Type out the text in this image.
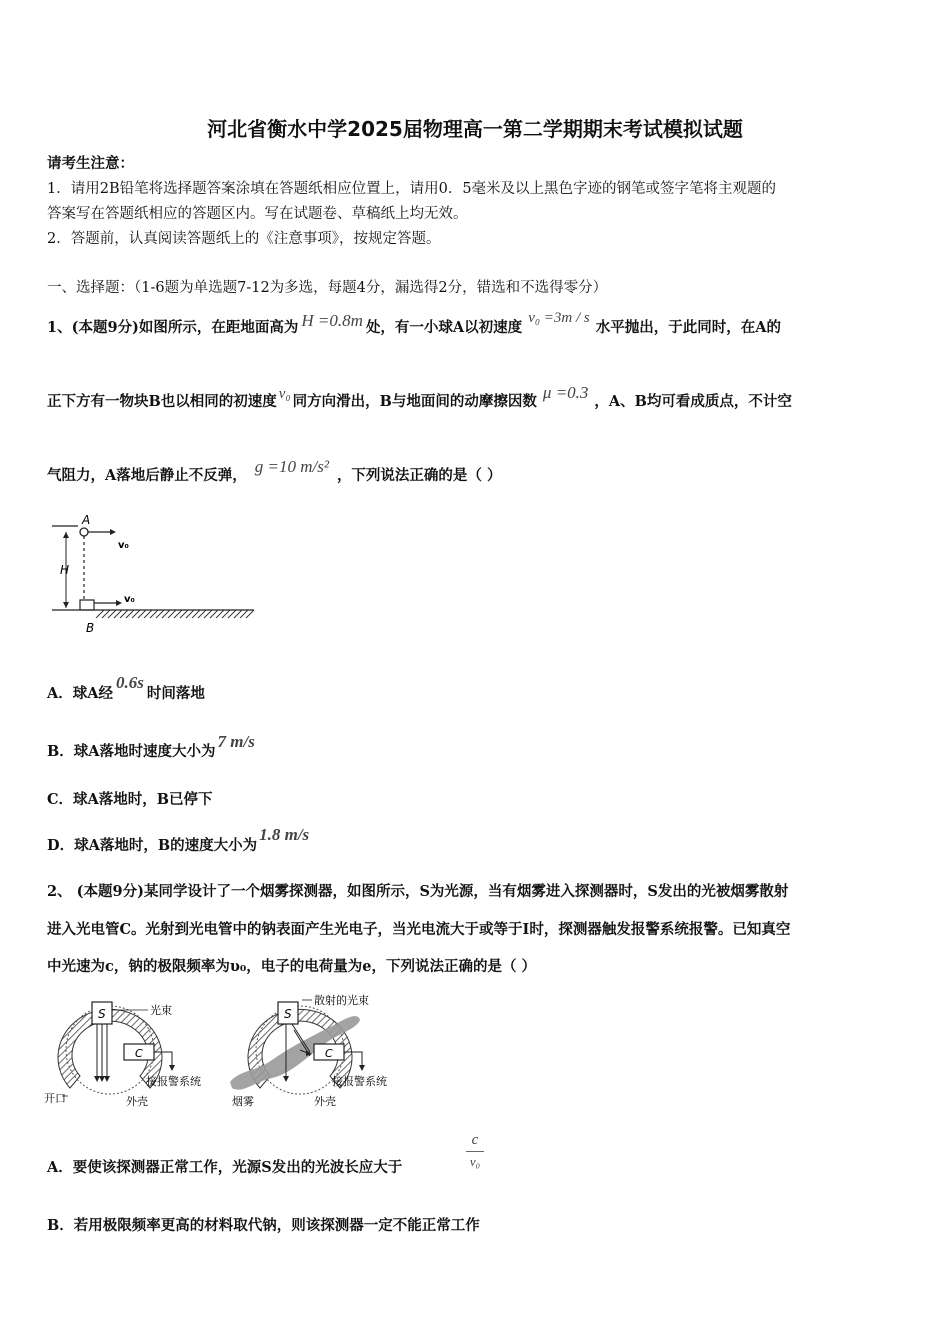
河北省衡水中学2025届物理高一第二学期期末考试模拟试题
请考生注意：
1．请用2B铅笔将选择题答案涂填在答题纸相应位置上，请用0．5毫米及以上黑色字迹的钢笔或签字笔将主观题的
答案写在答题纸相应的答题区内。写在试题卷、草稿纸上均无效。
2．答题前，认真阅读答题纸上的《注意事项》，按规定答题。
一、选择题：（1-6题为单选题7-12为多选，每题4分，漏选得2分，错选和不选得零分）
1、(本题9分)如图所示，在距地面高为 H =0.8m 处，有一小球A以初速度v₀ =3m / s水平抛出，于此同时，在A的
正下方有一物块B也以相同的初速度 v₀ 同方向滑出，B与地面间的动摩擦因数 μ =0.3 ，A、B均可看成质点，不计空
气阻力，A落地后静止不反弹， g =10 m/s² ，下列说法正确的是（ ）
A
v₀
H
v₀
B
A．球A经0.6s时间落地
B．球A落地时速度大小为7 m/s
C．球A落地时，B已停下
D．球A落地时，B的速度大小为1.8 m/s
2、 (本题9分)某同学设计了一个烟雾探测器，如图所示，S为光源，当有烟雾进入探测器时，S发出的光被烟雾散射
进入光电管C。光射到光电管中的钠表面产生光电子，当光电流大于或等于I时，探测器触发报警系统报警。已知真空
中光速为c，钠的极限频率为υ₀，电子的电荷量为e，下列说法正确的是（ ）
S	光束
C
接报警系统
开口	外壳
S
散射的光束
C
接报警系统
烟雾	外壳
A．要使该探测器正常工作，光源S发出的光波长应大于
c
v₀
B．若用极限频率更高的材料取代钠，则该探测器一定不能正常工作
